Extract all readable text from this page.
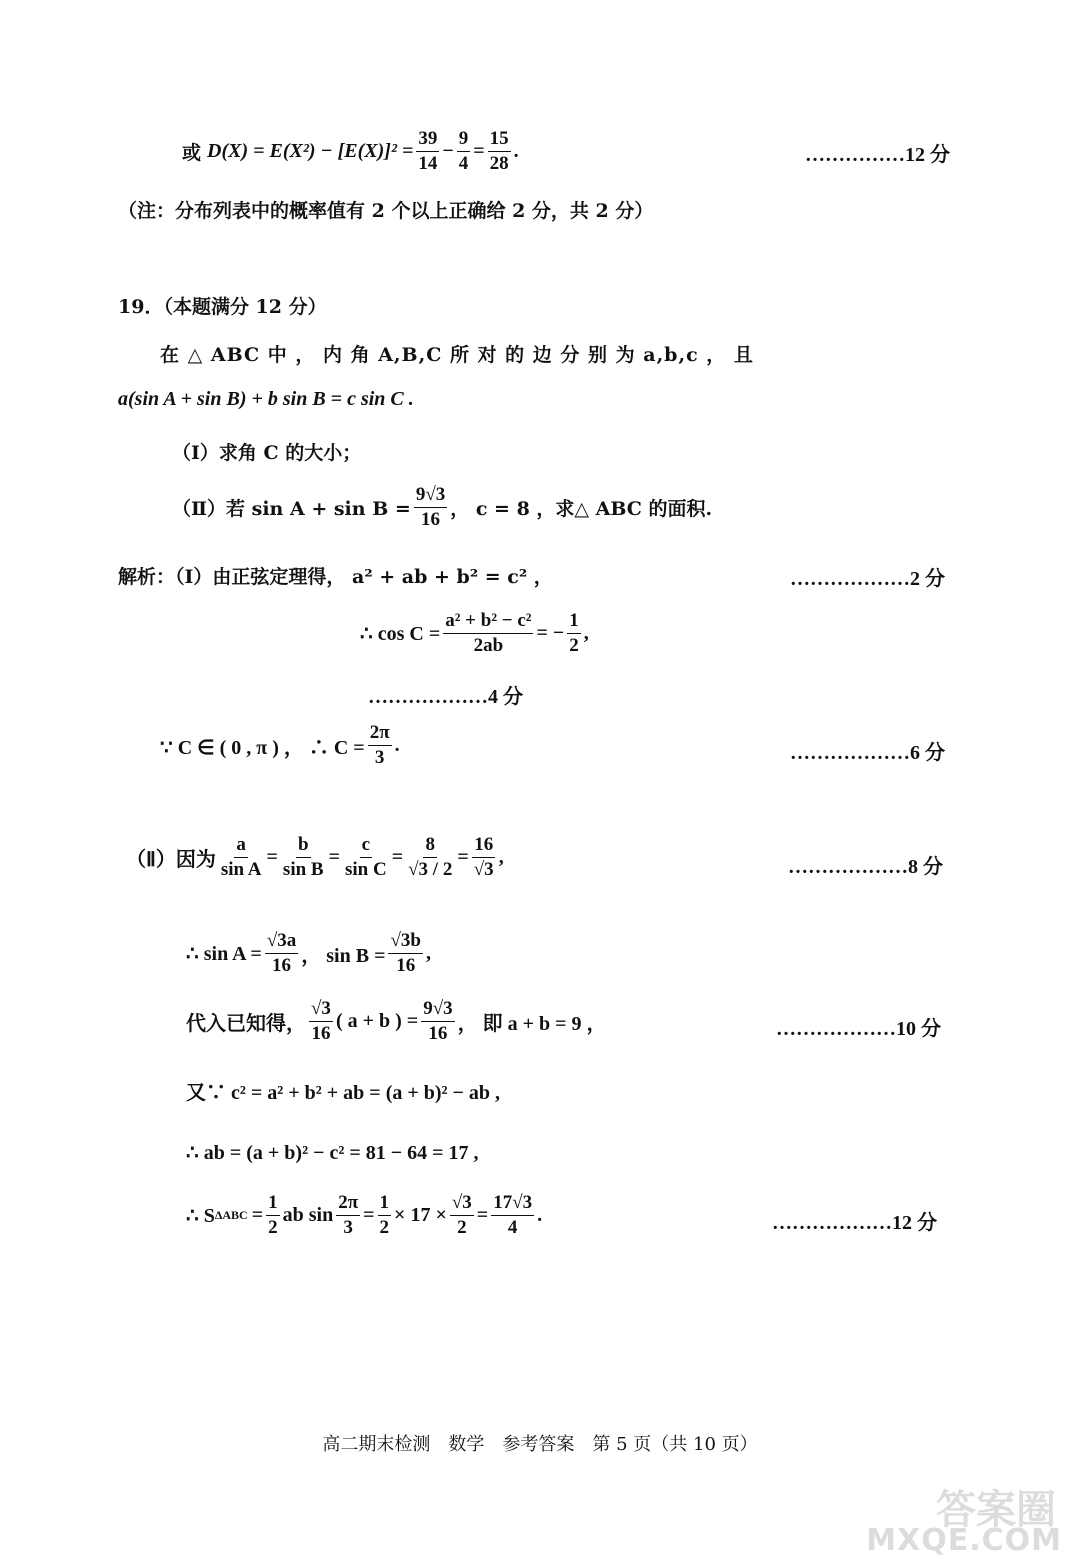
或 $D(X) = E(X^2) - [E(X)]^2 = \frac{39}{14} - \frac{9}{4} = \frac{15}{28}$ .	……………12 分
（注：分布列表中的概率值有 2 个以上正确给 2 分，共 2 分）
19．（本题满分 12 分）
在 △ ABC 中 ， 内 角 A,B,C 所 对 的 边 分 别 为 a,b,c ， 且
a(sin A + sin B) + b sin B = c sin C .
（Ⅰ）求角 C 的大小；
（Ⅱ）若 $\sin A + \sin B = \frac{9√3}{16}$ ， c = 8 ，求△ ABC 的面积.
解析：（Ⅰ）由正弦定理得， a² + ab + b² = c² ，	………………2 分
∴ $\cos C = \frac{\text{a² + b² − c²}}{2ab}$ = − $\frac{1}{2}$ ,
………………4 分
∵ C ∈ ( 0 , π ) ， ∴ $C = \frac{2\pi}{3}$ .	………………6 分
（Ⅱ）因为 $\frac{a}{\text{sin A}} = \frac{b}{\text{sin B}} = \frac{c}{\text{sin C}} = \frac{8}{√3 / 2} = \frac{16}{√3}$ ,	………………8 分
∴ $\sin A = \frac{√3a}{16}$ ， $\sin B = \frac{√3b}{16}$ ,
代入已知得， $\frac{√3}{16}$ ( a + b ) = $\frac{9√3}{16}$ ， 即 a + b = 9 ，	………………10 分
又∵ c² = a² + b² + ab = (a + b)² − ab ,
∴ ab = (a + b)² − c² = 81 − 64 = 17 ,
∴ S $\Delta ABC = \frac{1}{2}$ ab $\sin \frac{2\pi}{3} = \frac{1}{2} \times 17 \times \frac{√3}{2} = \frac{17√3}{4}$ .	………………12 分
高二期末检测　数学　参考答案　第 5 页（共 10 页）
答案圈
MXQE.COM
